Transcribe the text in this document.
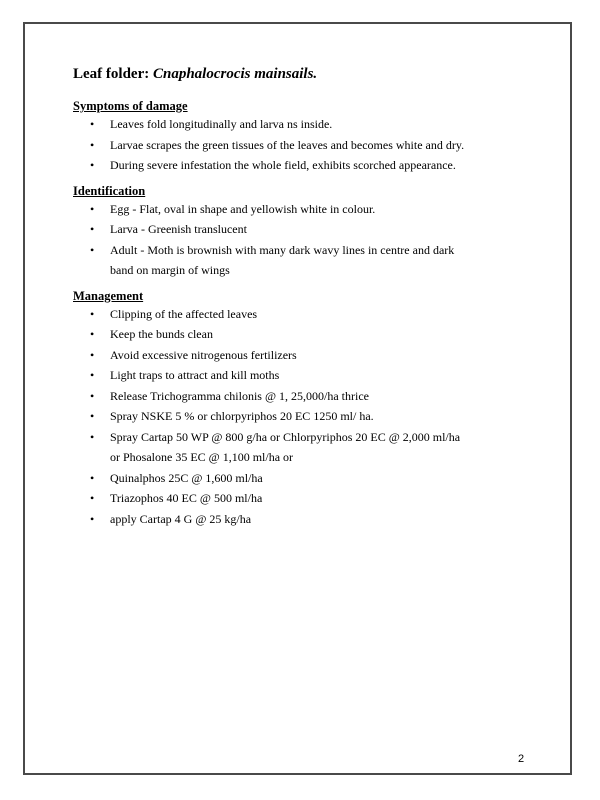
Leaf folder: Cnaphalocrocis mainsails.

Symptoms of damage

• Leaves fold longitudinally and larva ns inside.
• Larvae scrapes the green tissues of the leaves and becomes white and dry.
• During severe infestation the whole field, exhibits scorched appearance.

Identification

• Egg - Flat, oval in shape and yellowish white in colour.
• Larva - Greenish translucent
• Adult - Moth is brownish with many dark wavy lines in centre and dark band on margin of wings

Management

• Clipping of the affected leaves
• Keep the bunds clean
• Avoid excessive nitrogenous fertilizers
• Light traps to attract and kill moths
• Release Trichogramma chilonis @ 1, 25,000/ha thrice
• Spray NSKE 5 % or chlorpyriphos 20 EC 1250 ml/ ha.
• Spray Cartap 50 WP @ 800 g/ha or Chlorpyriphos 20 EC @ 2,000 ml/ha or Phosalone 35 EC @ 1,100 ml/ha or
• Quinalphos 25C @ 1,600 ml/ha
• Triazophos 40 EC @ 500 ml/ha
• apply Cartap 4 G @ 25 kg/ha
2
